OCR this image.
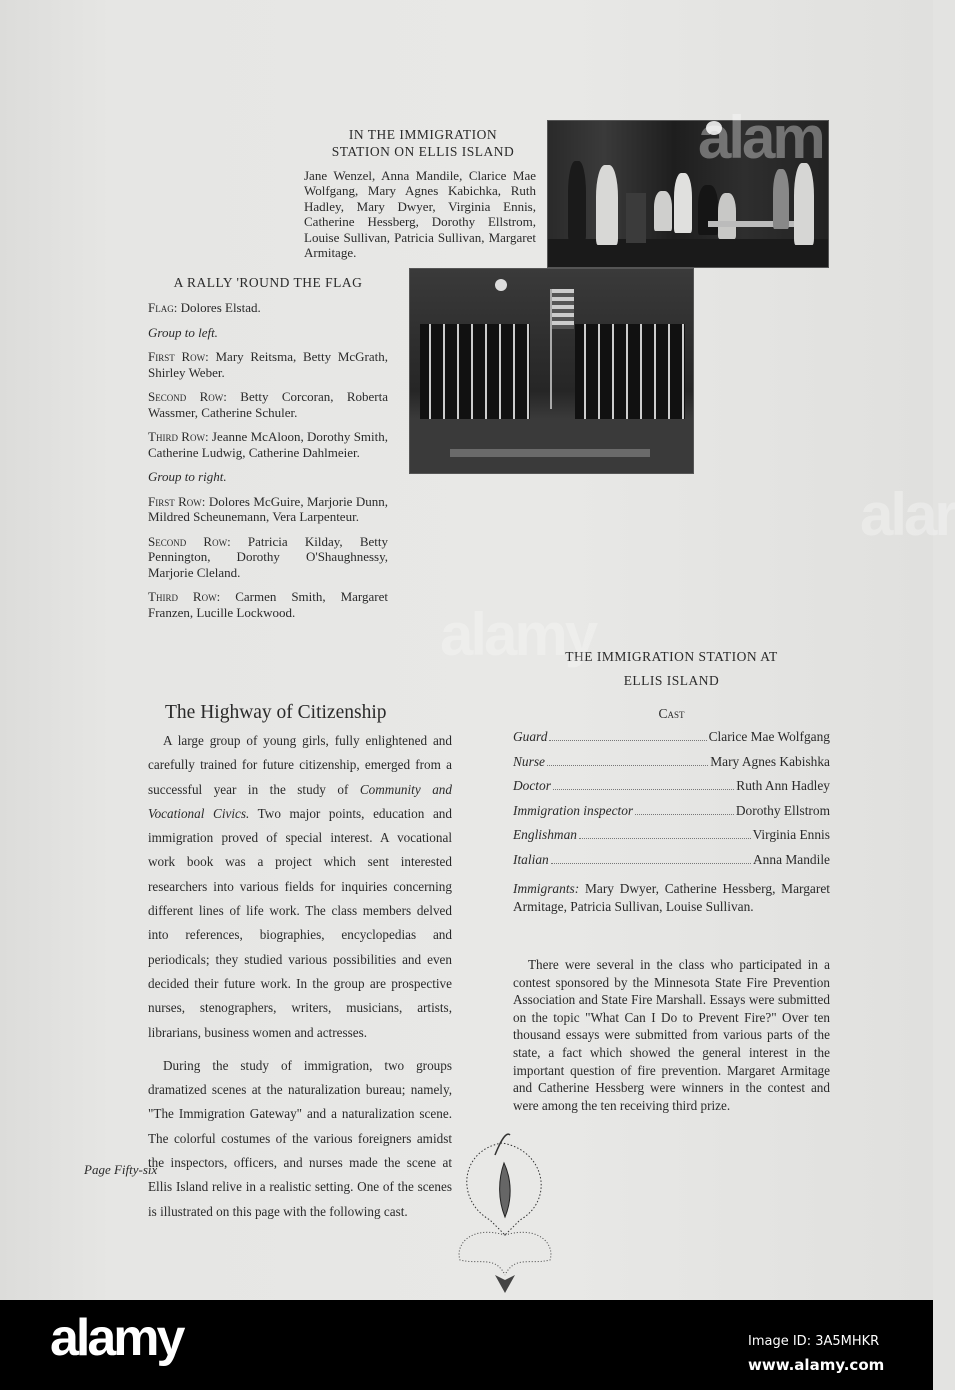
IN THE IMMIGRATION
STATION ON ELLIS ISLAND
Jane Wenzel, Anna Mandile, Clarice Mae Wolfgang, Mary Agnes Kabichka, Ruth Hadley, Mary Dwyer, Virginia Ennis, Catherine Hessberg, Dorothy Ellstrom, Louise Sullivan, Patricia Sullivan, Margaret Armitage.
alam
A RALLY 'ROUND THE FLAG

Flag: Dolores Elstad.

Group to left.

First Row: Mary Reitsma, Betty McGrath, Shirley Weber.

Second Row: Betty Corcoran, Roberta Wassmer, Catherine Schuler.

Third Row: Jeanne McAloon, Dorothy Smith, Catherine Ludwig, Catherine Dahlmeier.

Group to right.

First Row: Dolores McGuire, Marjorie Dunn, Mildred Scheunemann, Vera Larpenteur.

Second Row: Patricia Kilday, Betty Pennington, Dorothy O'Shaughnessy, Marjorie Cleland.

Third Row: Carmen Smith, Margaret Franzen, Lucille Lockwood.

The Highway of Citizenship

A large group of young girls, fully enlightened and carefully trained for future citizenship, emerged from a successful year in the study of Community and Vocational Civics. Two major points, education and immigration proved of special interest. A vocational work book was a project which sent interested researchers into various fields for inquiries concerning different lines of life work. The class members delved into references, biographies, encyclopedias and periodicals; they studied various possibilities and even decided their future work. In the group are prospective nurses, stenographers, writers, musicians, artists, librarians, business women and actresses.

During the study of immigration, two groups dramatized scenes at the naturalization bureau; namely, "The Immigration Gateway" and a naturalization scene. The colorful costumes of the various foreigners amidst the inspectors, officers, and nurses made the scene at Ellis Island relive in a realistic setting. One of the scenes is illustrated on this page with the following cast.

THE IMMIGRATION STATION AT
ELLIS ISLAND
Cast
Guard	Clarice Mae Wolfgang
Nurse	Mary Agnes Kabishka
Doctor	Ruth Ann Hadley
Immigration inspector	Dorothy Ellstrom
Englishman	Virginia Ennis
Italian	Anna Mandile
Immigrants: Mary Dwyer, Catherine Hessberg, Margaret Armitage, Patricia Sullivan, Louise Sullivan.
There were several in the class who participated in a contest sponsored by the Minnesota State Fire Prevention Association and State Fire Marshall. Essays were submitted on the topic "What Can I Do to Prevent Fire?" Over ten thousand essays were submitted from various parts of the state, a fact which showed the general interest in the important question of fire prevention. Margaret Armitage and Catherine Hessberg were winners in the contest and were among the ten receiving third prize.
Page Fifty-six
alamy
alar
alamy	Image ID: 3A5MHKR
www.alamy.com
